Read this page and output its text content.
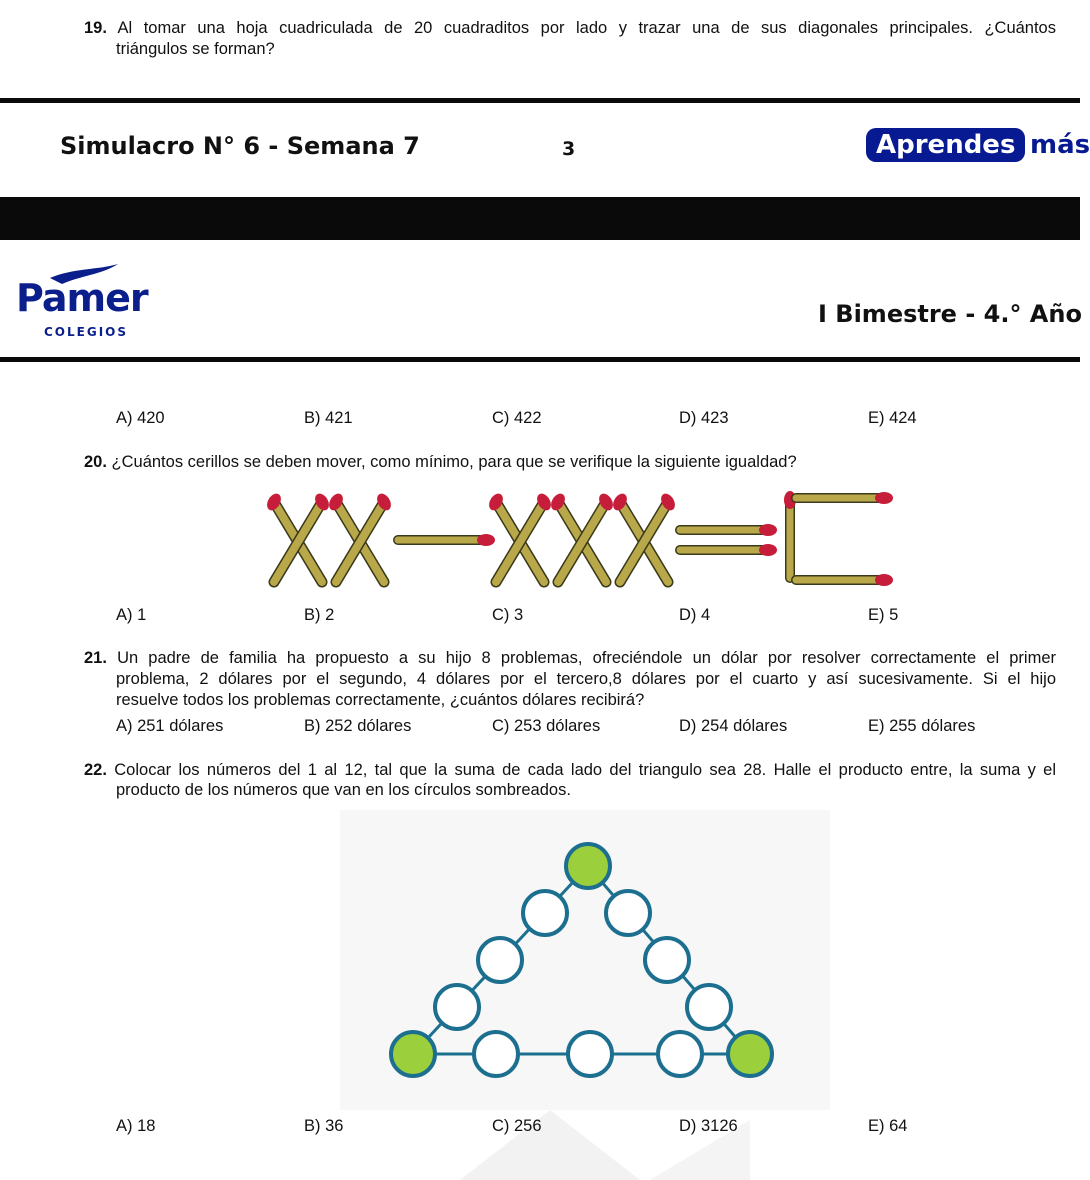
19. Al tomar una hoja cuadriculada de 20 cuadraditos por lado y trazar una de sus diagonales principales. ¿Cuántos
triángulos se forman?
Simulacro N° 6 - Semana 7	3	Aprendes más
Pamer
COLEGIOS
I Bimestre - 4.° Año
A) 420	B) 421	C) 422	D) 423	E) 424
20. ¿Cuántos cerillos se deben mover, como mínimo, para que se verifique la siguiente igualdad?
A) 1	B) 2	C) 3	D) 4	E) 5
21. Un padre de familia ha propuesto a su hijo 8 problemas, ofreciéndole un dólar por resolver correctamente el primer
problema, 2 dólares por el segundo, 4 dólares por el tercero,8 dólares por el cuarto y así sucesivamente. Si el hijo
resuelve todos los problemas correctamente, ¿cuántos dólares recibirá?
A) 251 dólares	B) 252 dólares	C) 253 dólares	D) 254 dólares	E) 255 dólares
22. Colocar los números del 1 al 12, tal que la suma de cada lado del triangulo sea 28. Halle el producto entre, la suma y el
producto de los números que van en los círculos sombreados.
A) 18	B) 36	C) 256	D) 3126	E) 64
